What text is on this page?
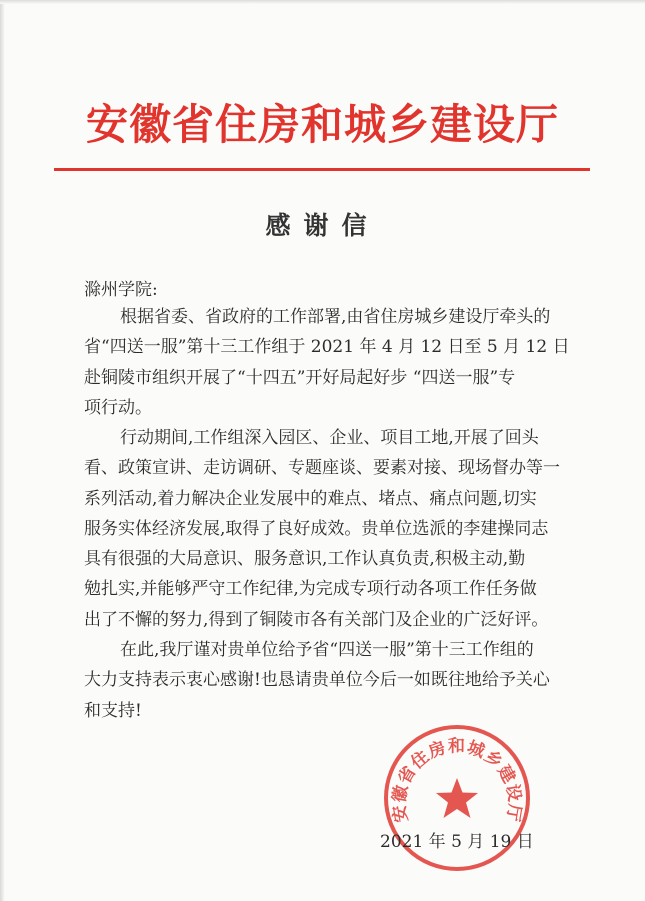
安徽省住房和城乡建设厅
感谢信
滁州学院:
根据省委、省政府的工作部署,由省住房城乡建设厅牵头的
省“四送一服”第十三工作组于 2021 年 4 月 12 日至 5 月 12 日
赴铜陵市组织开展了“十四五”开好局起好步 “四送一服”专
项行动。
行动期间,工作组深入园区、企业、项目工地,开展了回头
看、政策宣讲、走访调研、专题座谈、要素对接、现场督办等一
系列活动,着力解决企业发展中的难点、堵点、痛点问题,切实
服务实体经济发展,取得了良好成效。贵单位选派的李建操同志
具有很强的大局意识、服务意识,工作认真负责,积极主动,勤
勉扎实,并能够严守工作纪律,为完成专项行动各项工作任务做
出了不懈的努力,得到了铜陵市各有关部门及企业的广泛好评。
在此,我厅谨对贵单位给予省“四送一服”第十三工作组的
大力支持表示衷心感谢!也恳请贵单位今后一如既往地给予关心
和支持!
安徽省住房和城乡建设厅
2021 年 5 月 19 日
